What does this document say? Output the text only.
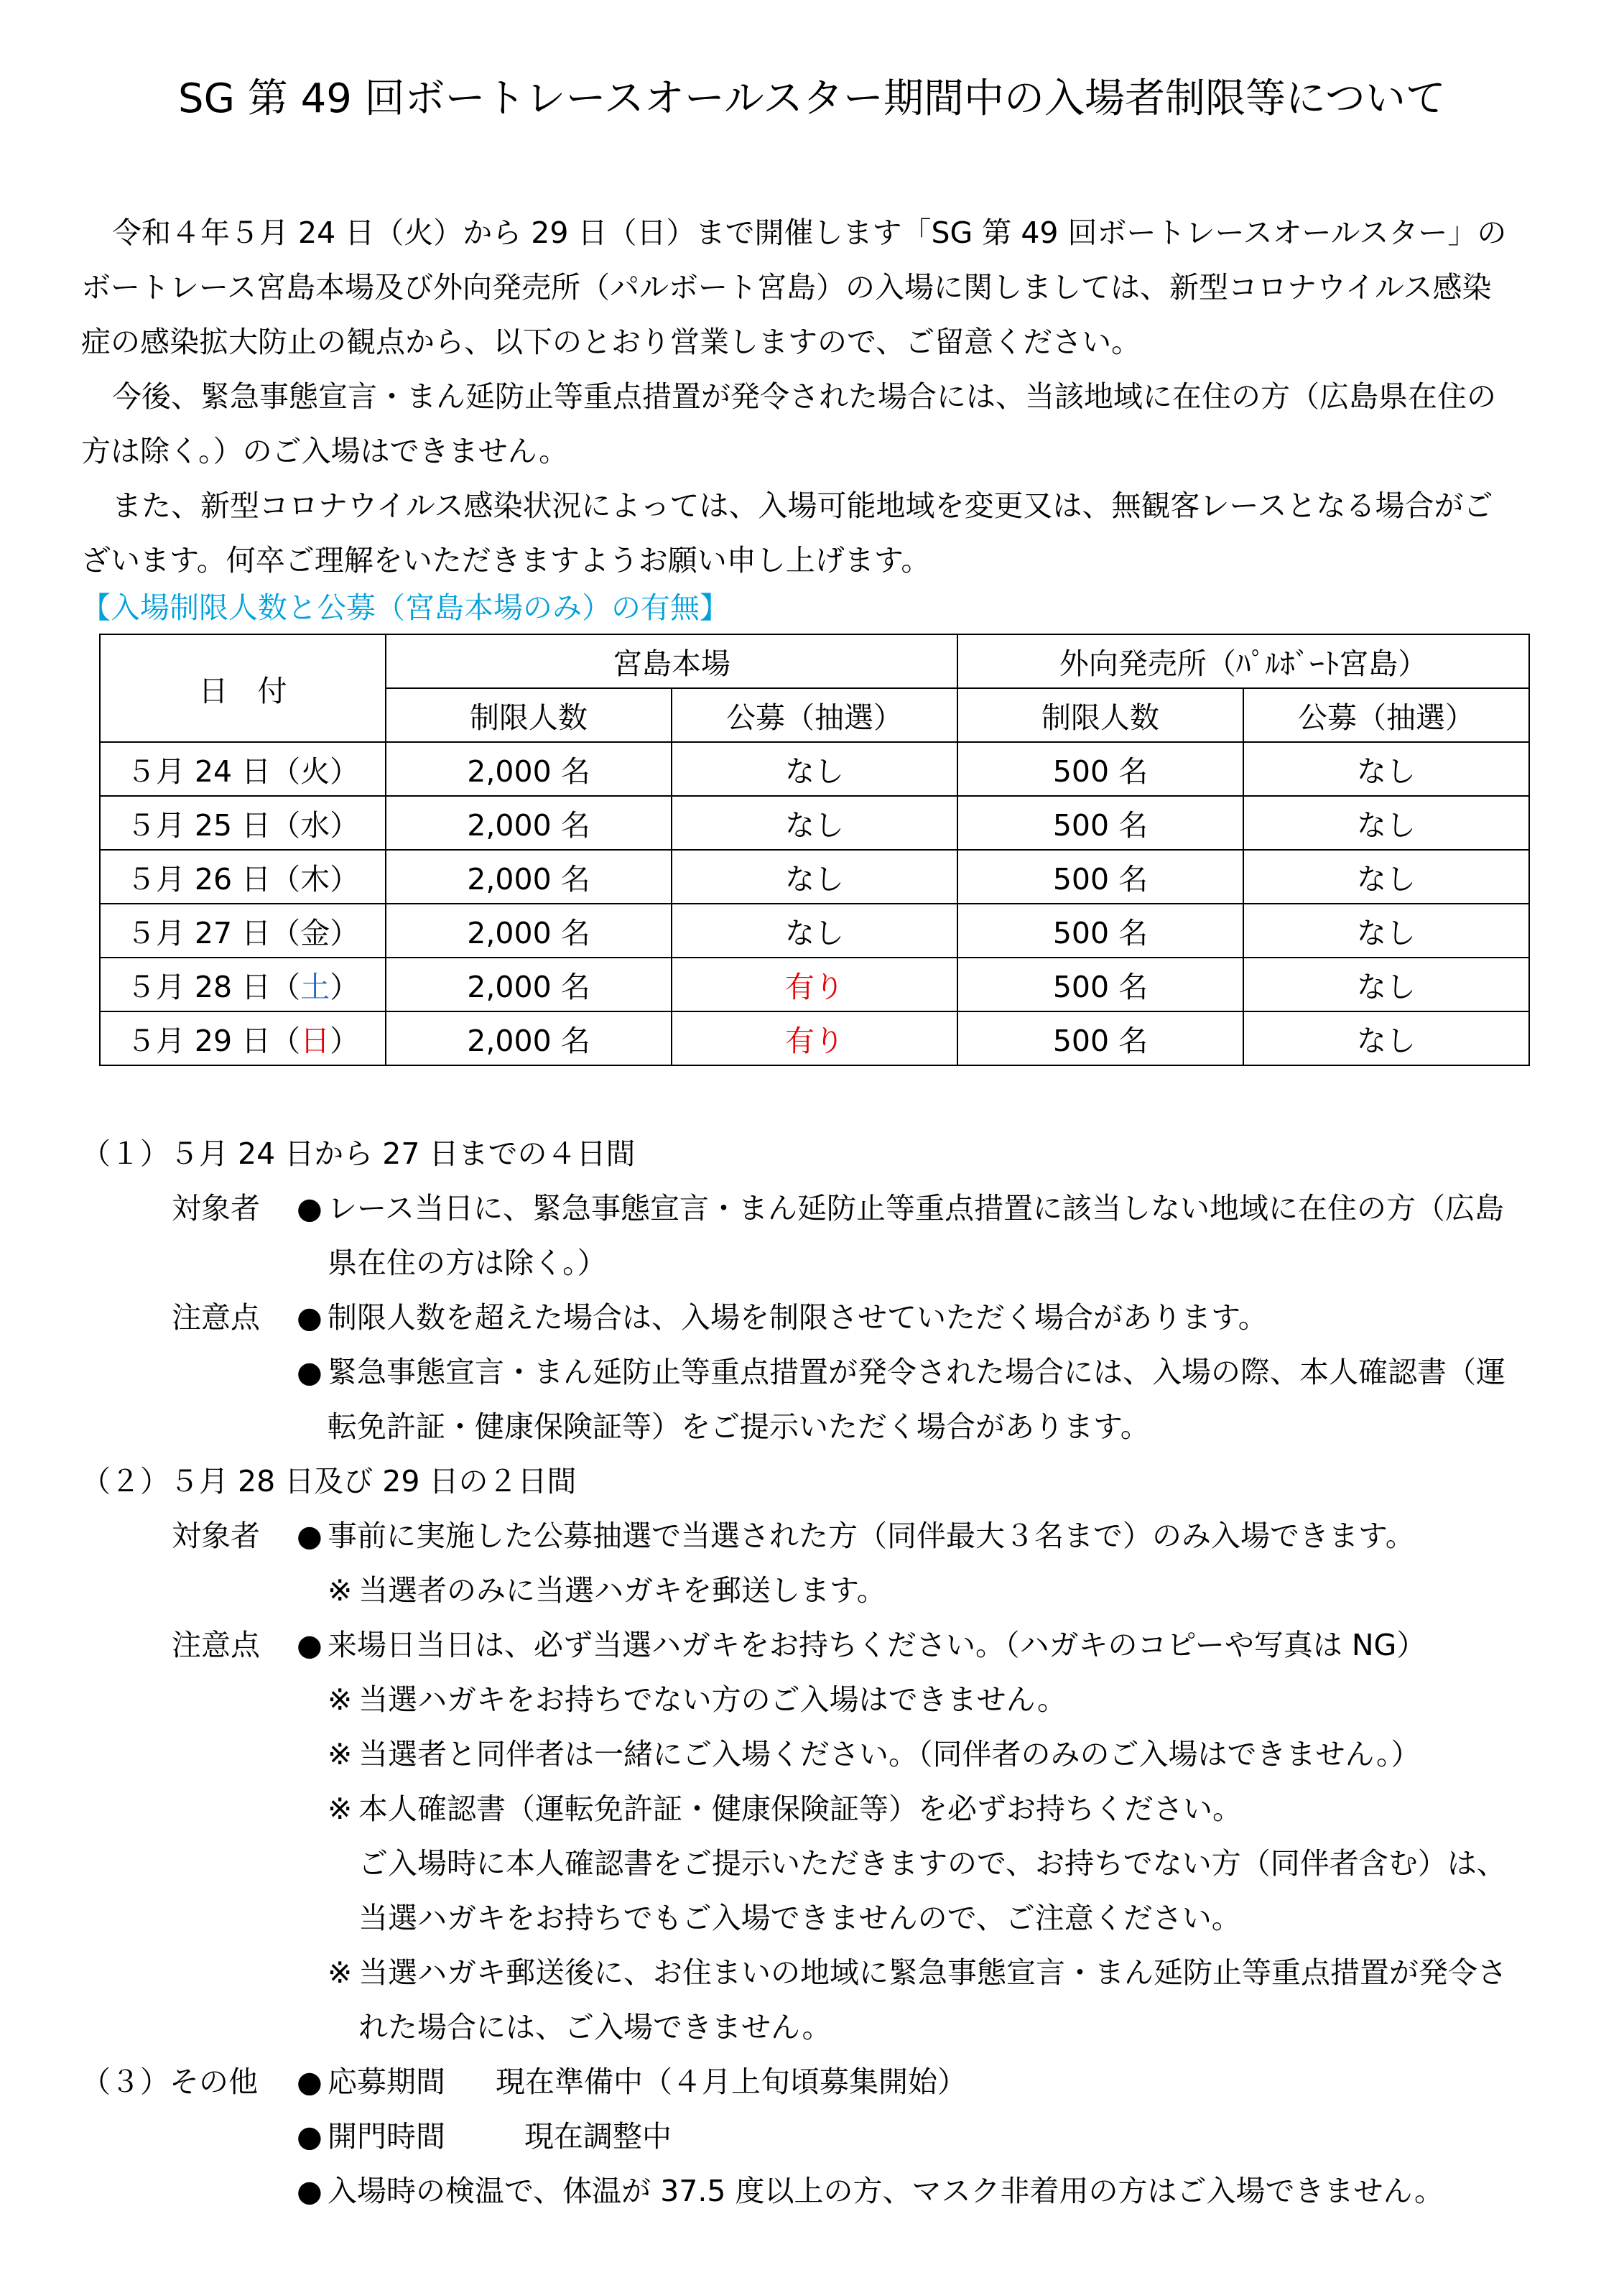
SG 第 49 回ボートレースオールスター期間中の入場者制限等について

令和４年５月 24 日（火）から 29 日（日）まで開催します「SG 第 49 回ボートレースオールスター」のボートレース宮島本場及び外向発売所（パルボート宮島）の入場に関しましては、新型コロナウイルス感染症の感染拡大防止の観点から、以下のとおり営業しますので、ご留意ください。

今後、緊急事態宣言・まん延防止等重点措置が発令された場合には、当該地域に在住の方（広島県在住の方は除く。）のご入場はできません。

また、新型コロナウイルス感染状況によっては、入場可能地域を変更又は、無観客レースとなる場合がございます。何卒ご理解をいただきますようお願い申し上げます。

【入場制限人数と公募（宮島本場のみ）の有無】
日　付	宮島本場		外向発売所（ﾊﾟﾙﾎﾞｰﾄ宮島）	
	制限人数	公募（抽選）	制限人数	公募（抽選）
５月 24 日（火）	2,000 名	なし	500 名	なし
５月 25 日（水）	2,000 名	なし	500 名	なし
５月 26 日（木）	2,000 名	なし	500 名	なし
５月 27 日（金）	2,000 名	なし	500 名	なし
５月 28 日（土）	2,000 名	有り	500 名	なし
５月 29 日（日）	2,000 名	有り	500 名	なし
（１）５月 24 日から 27 日までの４日間
対象者	● レース当日に、緊急事態宣言・まん延防止等重点措置に該当しない地域に在住の方（広島県在住の方は除く。）
注意点	● 制限人数を超えた場合は、入場を制限させていただく場合があります。
● 緊急事態宣言・まん延防止等重点措置が発令された場合には、入場の際、本人確認書（運転免許証・健康保険証等）をご提示いただく場合があります。
（２）５月 28 日及び 29 日の２日間
対象者	● 事前に実施した公募抽選で当選された方（同伴最大３名まで）のみ入場できます。
※ 当選者のみに当選ハガキを郵送します。
注意点	● 来場日当日は、必ず当選ハガキをお持ちください。（ハガキのコピーや写真は NG）
※ 当選ハガキをお持ちでない方のご入場はできません。
※ 当選者と同伴者は一緒にご入場ください。（同伴者のみのご入場はできません。）
※ 本人確認書（運転免許証・健康保険証等）を必ずお持ちください。
ご入場時に本人確認書をご提示いただきますので、お持ちでない方（同伴者含む）は、当選ハガキをお持ちでもご入場できませんので、ご注意ください。
※ 当選ハガキ郵送後に、お住まいの地域に緊急事態宣言・まん延防止等重点措置が発令された場合には、ご入場できません。
（３）その他	● 応募期間 現在準備中（４月上旬頃募集開始）
● 開門時間	現在調整中
● 入場時の検温で、体温が 37.5 度以上の方、マスク非着用の方はご入場できません。
